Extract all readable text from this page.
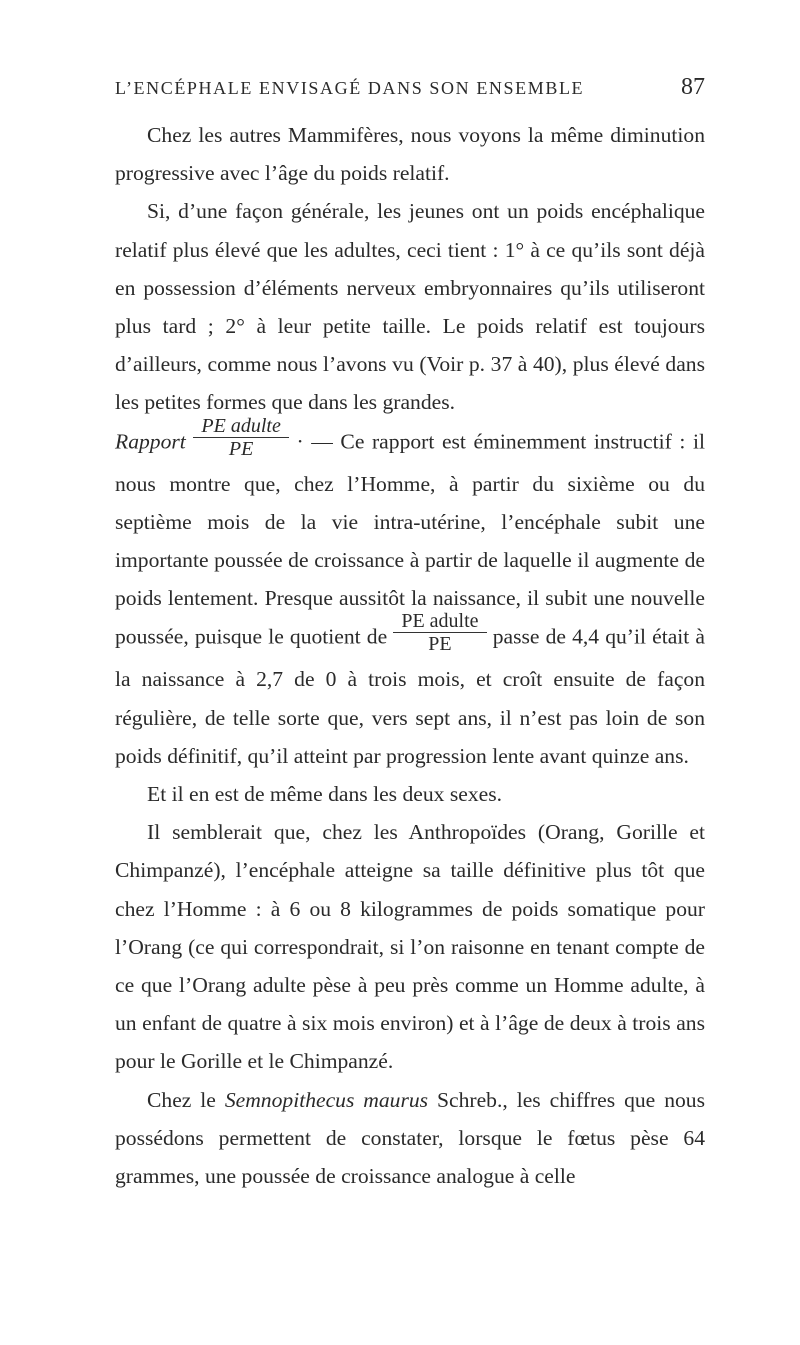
L’ENCÉPHALE ENVISAGÉ DANS SON ENSEMBLE	87

Chez les autres Mammifères, nous voyons la même diminution progressive avec l’âge du poids relatif.

Si, d’une façon générale, les jeunes ont un poids encéphalique relatif plus élevé que les adultes, ceci tient : 1° à ce qu’ils sont déjà en possession d’éléments nerveux embryonnaires qu’ils utiliseront plus tard ; 2° à leur petite taille. Le poids relatif est toujours d’ailleurs, comme nous l’avons vu (Voir p. 37 à 40), plus élevé dans les petites formes que dans les grandes.

Rapport $\frac{\text{PE adulte}}{PE}$ · — Ce rapport est éminemment instructif : il nous montre que, chez l’Homme, à partir du sixième ou du septième mois de la vie intra-utérine, l’encéphale subit une importante poussée de croissance à partir de laquelle il augmente de poids lentement. Presque aussitôt la naissance, il subit une nouvelle poussée, puisque le quotient de $\frac{\text{PE adulte}}{PE}$ passe de 4,4 qu’il était à la naissance à 2,7 de 0 à trois mois, et croît ensuite de façon régulière, de telle sorte que, vers sept ans, il n’est pas loin de son poids définitif, qu’il atteint par progression lente avant quinze ans.

Et il en est de même dans les deux sexes.

Il semblerait que, chez les Anthropoïdes (Orang, Gorille et Chimpanzé), l’encéphale atteigne sa taille définitive plus tôt que chez l’Homme : à 6 ou 8 kilogrammes de poids somatique pour l’Orang (ce qui correspondrait, si l’on raisonne en tenant compte de ce que l’Orang adulte pèse à peu près comme un Homme adulte, à un enfant de quatre à six mois environ) et à l’âge de deux à trois ans pour le Gorille et le Chimpanzé.

Chez le Semnopithecus maurus Schreb., les chiffres que nous possédons permettent de constater, lorsque le fœtus pèse 64 grammes, une poussée de croissance analogue à celle
